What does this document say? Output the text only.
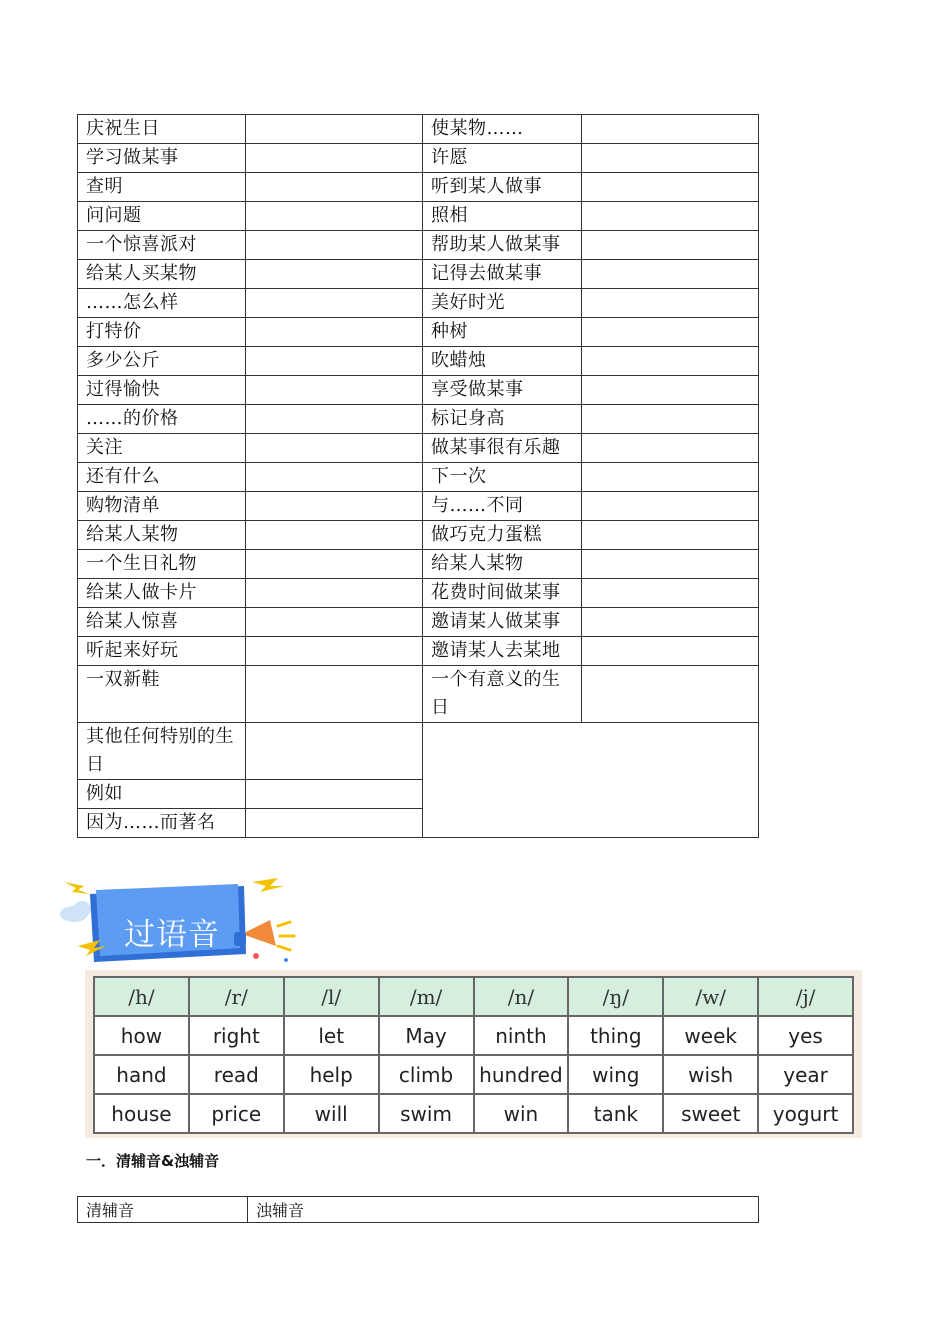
庆祝生日		使某物……	
学习做某事		许愿	
查明		听到某人做事	
问问题		照相	
一个惊喜派对		帮助某人做某事	
给某人买某物		记得去做某事	
……怎么样		美好时光	
打特价		种树	
多少公斤		吹蜡烛	
过得愉快		享受做某事	
……的价格		标记身高	
关注		做某事很有乐趣	
还有什么		下一次	
购物清单		与……不同	
给某人某物		做巧克力蛋糕	
一个生日礼物		给某人某物	
给某人做卡片		花费时间做某事	
给某人惊喜		邀请某人做某事	
听起来好玩		邀请某人去某地	
一双新鞋		一个有意义的生日	
其他任何特别的生日			
例如			
因为……而著名			
过语音
/h/	/r/	/l/	/m/	/n/	/ŋ/	/w/	/j/
how	right	let	May	ninth	thing	week	yes
hand	read	help	climb	hundred	wing	wish	year
house	price	will	swim	win	tank	sweet	yogurt
一．清辅音&浊辅音
清辅音	浊辅音
